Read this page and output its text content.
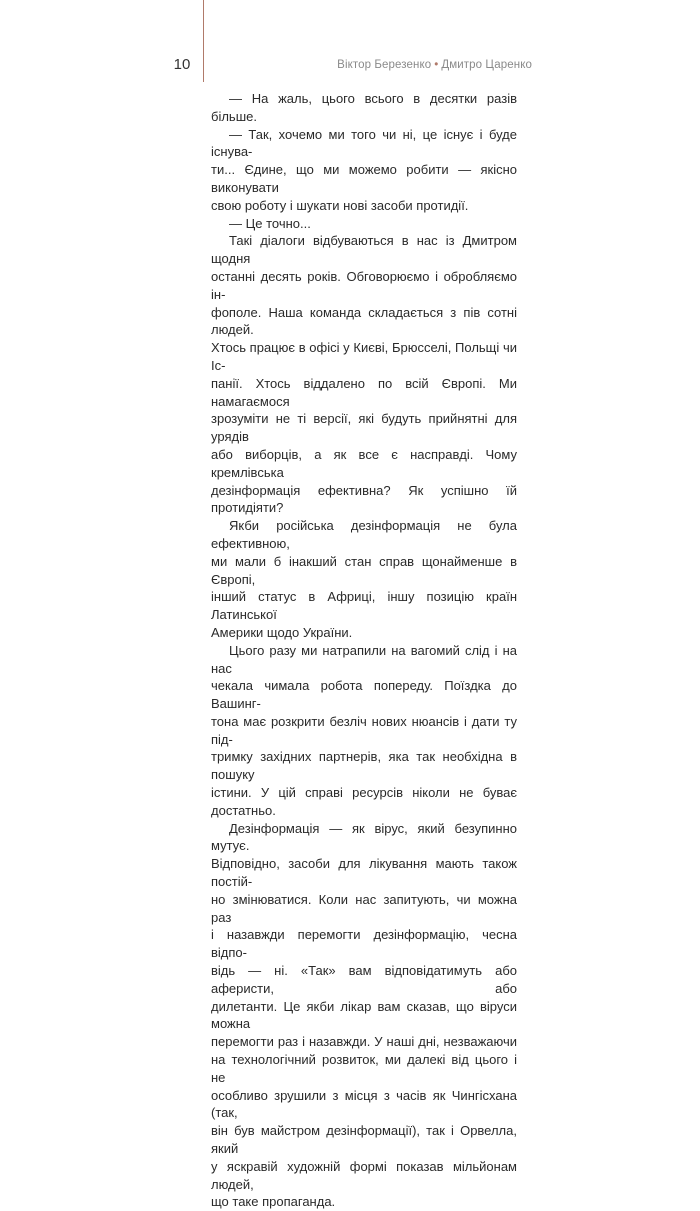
10	Віктор Березенко • Дмитро Царенко

— На жаль, цього всього в десятки разів більше.

— Так, хочемо ми того чи ні, це існує і буде існува-
ти... Єдине, що ми можемо робити — якісно виконувати
свою роботу і шукати нові засоби протидії.

— Це точно...

Такі діалоги відбуваються в нас із Дмитром щодня
останні десять років. Обговорюємо і обробляємо ін-
фополе. Наша команда складається з пів сотні людей.
Хтось працює в офісі у Києві, Брюсселі, Польщі чи Іс-
панії. Хтось віддалено по всій Європі. Ми намагаємося
зрозуміти не ті версії, які будуть прийнятні для урядів
або виборців, а як все є насправді. Чому кремлівська
дезінформація ефективна? Як успішно їй протидіяти?

Якби російська дезінформація не була ефективною,
ми мали б інакший стан справ щонайменше в Європі,
інший статус в Африці, іншу позицію країн Латинської
Америки щодо України.

Цього разу ми натрапили на вагомий слід і на нас
чекала чимала робота попереду. Поїздка до Вашинг-
тона має розкрити безліч нових нюансів і дати ту під-
тримку західних партнерів, яка так необхідна в пошуку
істини. У цій справі ресурсів ніколи не буває достатньо.

Дезінформація — як вірус, який безупинно мутує.
Відповідно, засоби для лікування мають також постій-
но змінюватися. Коли нас запитують, чи можна раз
і назавжди перемогти дезінформацію, чесна відпо-
відь — ні. «Так» вам відповідатимуть або аферисти, або
дилетанти. Це якби лікар вам сказав, що віруси можна
перемогти раз і назавжди. У наші дні, незважаючи
на технологічний розвиток, ми далекі від цього і не
особливо зрушили з місця з часів як Чингісхана (так,
він був майстром дезінформації), так і Орвелла, який
у яскравій художній формі показав мільйонам людей,
що таке пропаганда.
